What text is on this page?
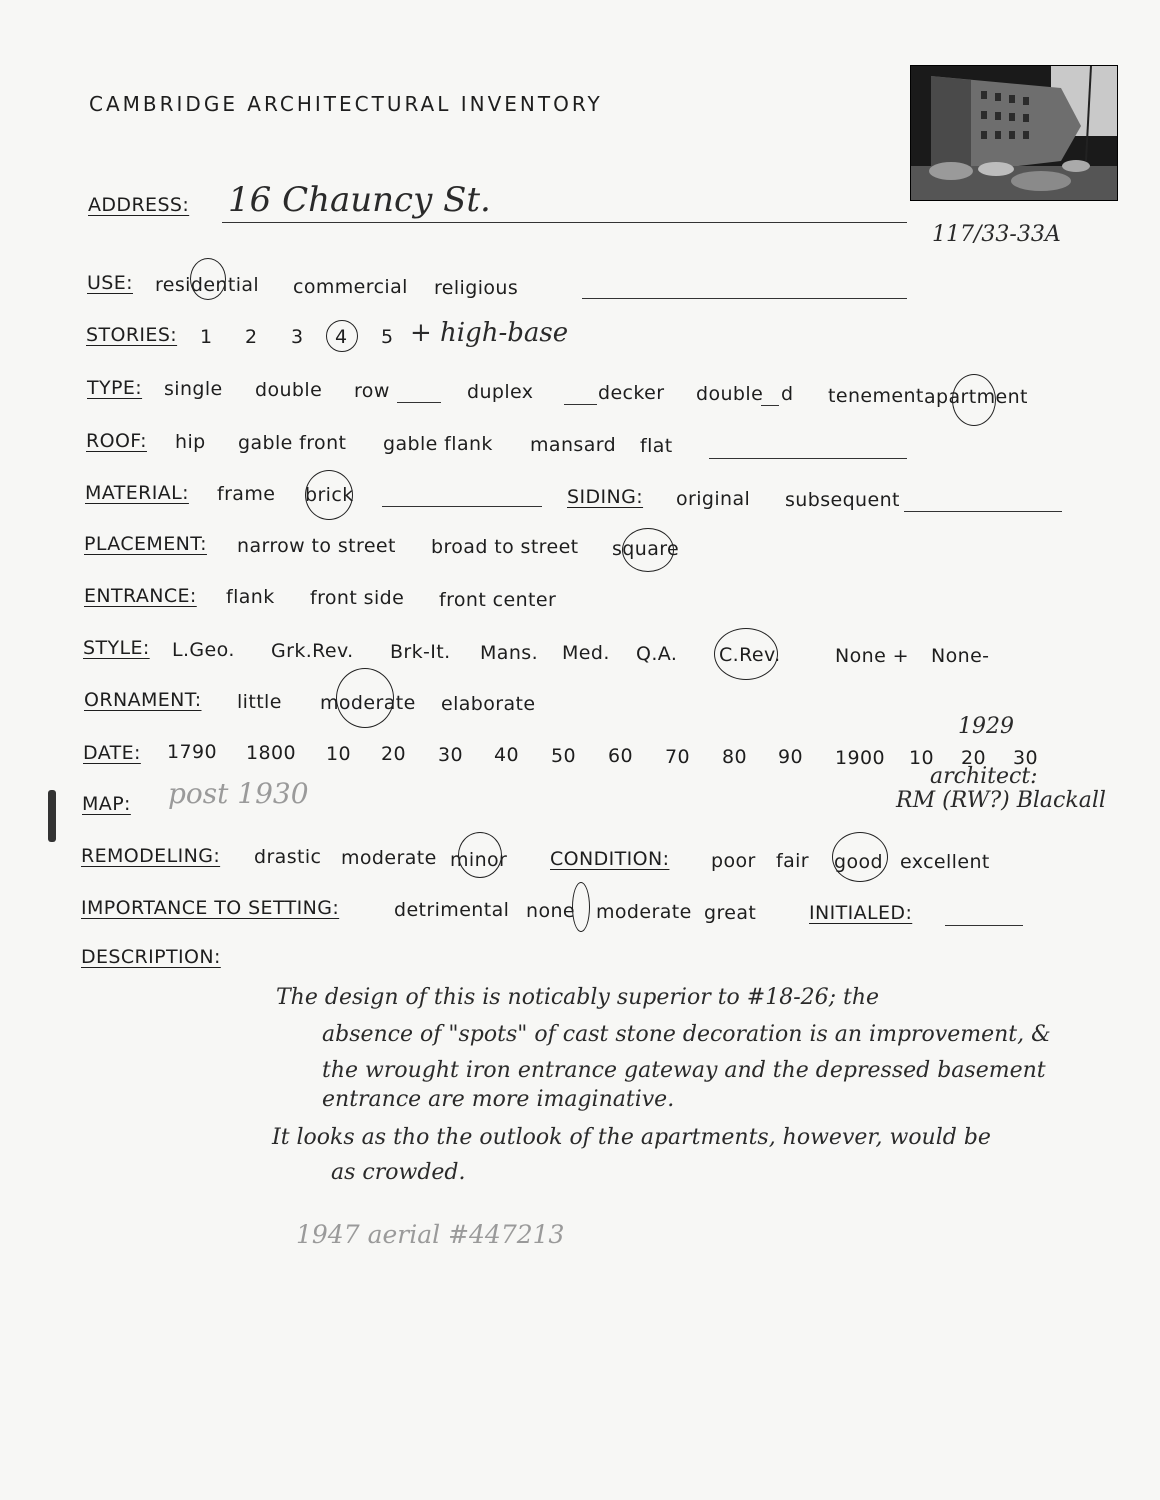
CAMBRIDGE ARCHITECTURAL INVENTORY
ADDRESS: 16 Chauncy St.
117/33-33A
USE: residential commercial religious
STORIES: 1 2 3 4 5 + high-base
TYPE: single double row	duplex	decker double d tenement apartment
ROOF: hip gable front gable flank mansard flat
MATERIAL: frame brick	SIDING: original subsequent
PLACEMENT: narrow to street broad to street square
ENTRANCE: flank front side front center
STYLE: L.Geo. Grk.Rev. Brk-It. Mans. Med. Q.A. C.Rev.	None + None-
ORNAMENT: little moderate elaborate
DATE: 1790 1800 10 20 30 40 50 60 70 80 90 1900 10 20 30
1929
MAP: post 1930
architect:
RM (RW?) Blackall
REMODELING: drastic moderate minor CONDITION: poor fair good excellent
IMPORTANCE TO SETTING:	detrimental none moderate great	INITIALED:
DESCRIPTION:
The design of this is noticably superior to #18-26; the
absence of "spots" of cast stone decoration is an improvement, &
the wrought iron entrance gateway and the depressed basement
entrance are more imaginative.
It looks as tho the outlook of the apartments, however, would be
as crowded.
1947 aerial #447213
